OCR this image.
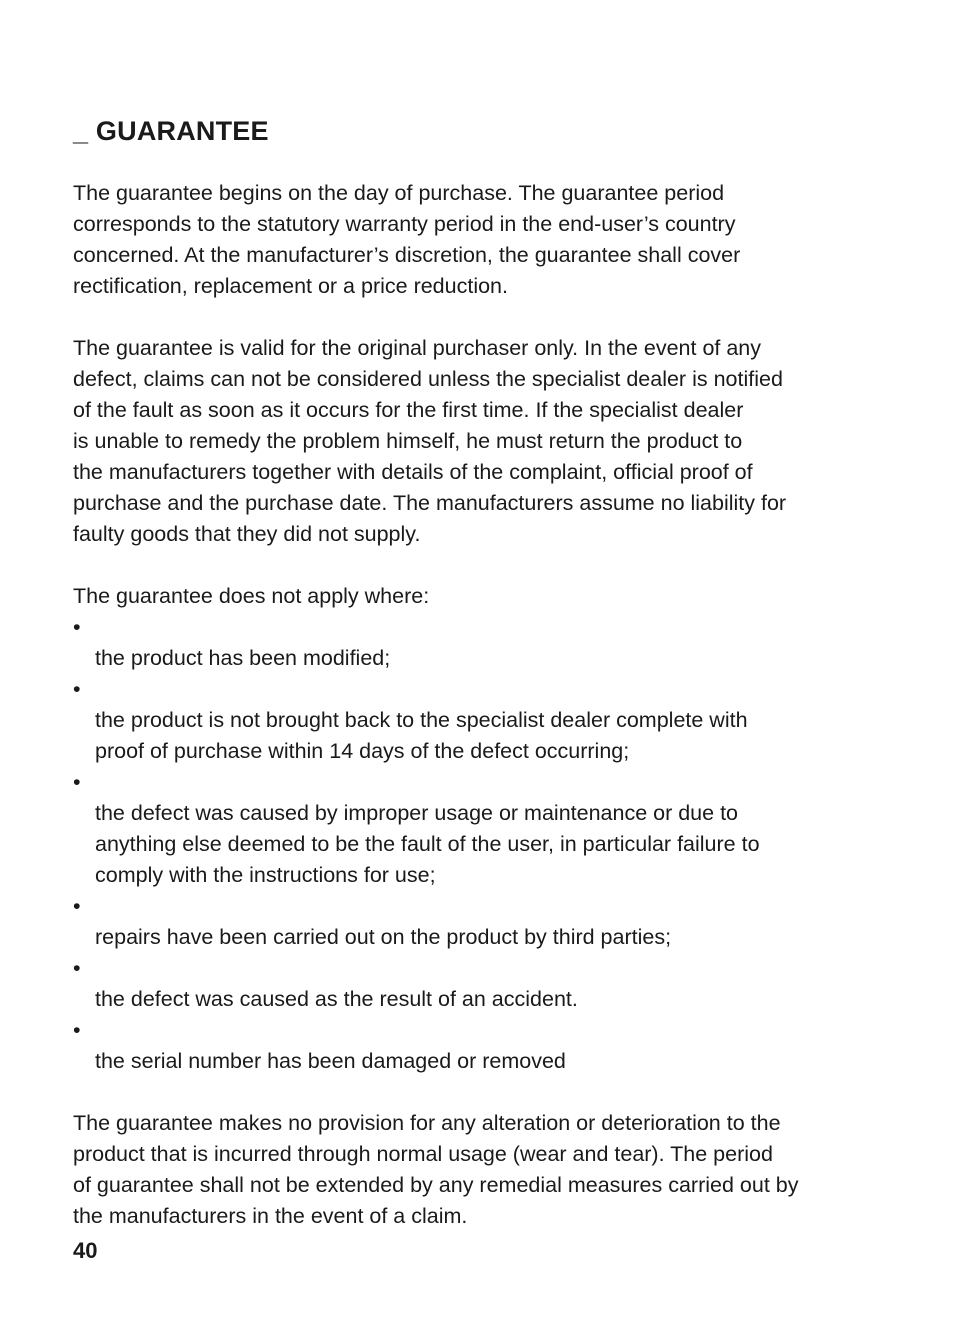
_ GUARANTEE

The guarantee begins on the day of purchase. The guarantee period
corresponds to the statutory warranty period in the end-user’s country
concerned. At the manufacturer’s discretion, the guarantee shall cover
rectification, replacement or a price reduction.

The guarantee is valid for the original purchaser only. In the event of any
defect, claims can not be considered unless the specialist dealer is notified
of the fault as soon as it occurs for the first time. If the specialist dealer
is unable to remedy the problem himself, he must return the product to
the manufacturers together with details of the complaint, official proof of
purchase and the purchase date. The manufacturers assume no liability for
faulty goods that they did not supply.

The guarantee does not apply where:

•
the product has been modified;

•
the product is not brought back to the specialist dealer complete with
proof of purchase within 14 days of the defect occurring;

•
the defect was caused by improper usage or maintenance or due to
anything else deemed to be the fault of the user, in particular failure to
comply with the instructions for use;

•
repairs have been carried out on the product by third parties;

•
the defect was caused as the result of an accident.

•
the serial number has been damaged or removed

The guarantee makes no provision for any alteration or deterioration to the
product that is incurred through normal usage (wear and tear). The period
of guarantee shall not be extended by any remedial measures carried out by
the manufacturers in the event of a claim.

40
